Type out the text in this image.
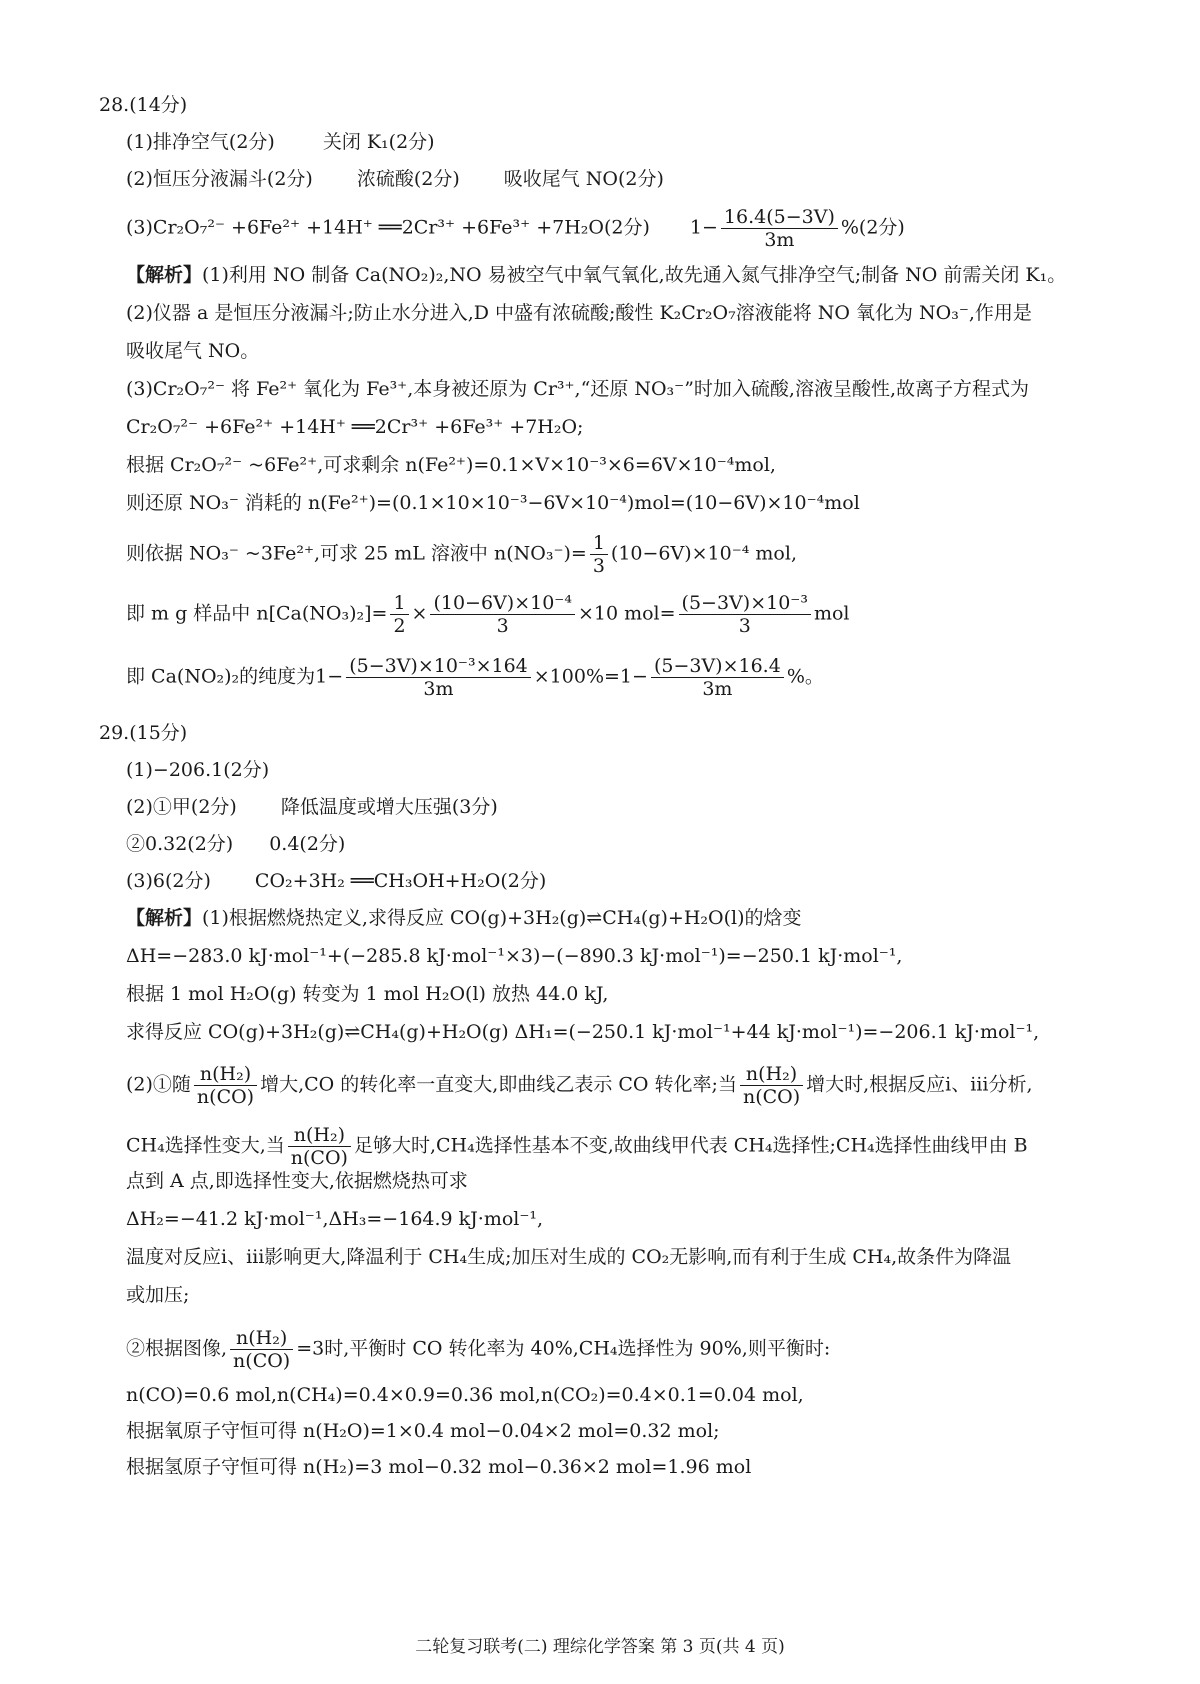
28.(14分)
(1)排净空气(2分)	关闭 K₁(2分)
(2)恒压分液漏斗(2分) 浓硫酸(2分) 吸收尾气 NO(2分)
(3)Cr₂O₇²⁻ +6Fe²⁺ +14H⁺ ══2Cr³⁺ +6Fe³⁺ +7H₂O(2分) $1- \frac{16.4(5-3V)}{3m} \%(2$分)
【解析】(1)利用 NO 制备 Ca(NO₂)₂,NO 易被空气中氧气氧化,故先通入氮气排净空气;制备 NO 前需关闭 K₁。
(2)仪器 a 是恒压分液漏斗;防止水分进入,D 中盛有浓硫酸;酸性 K₂Cr₂O₇溶液能将 NO 氧化为 NO₃⁻,作用是
吸收尾气 NO。
(3)Cr₂O₇²⁻ 将 Fe²⁺ 氧化为 Fe³⁺,本身被还原为 Cr³⁺,“还原 NO₃⁻”时加入硫酸,溶液呈酸性,故离子方程式为
Cr₂O₇²⁻ +6Fe²⁺ +14H⁺ ══2Cr³⁺ +6Fe³⁺ +7H₂O;
根据 Cr₂O₇²⁻ ~6Fe²⁺,可求剩余 n(Fe²⁺)=0.1×V×10⁻³×6=6V×10⁻⁴mol,
则还原 NO₃⁻ 消耗的 n(Fe²⁺)=(0.1×10×10⁻³−6V×10⁻⁴)mol=(10−6V)×10⁻⁴mol
则依据 NO₃⁻ ~3Fe²⁺,可求 25 mL 溶液中 $n(NO_3^-)= \frac{1}{3} (10-6V)\times 10^{-4}$ mol,
即 m g 样品中 $n[Ca(NO_3)_2]= \frac{1}{2} \times \frac{\text{(10−6V)×10⁻⁴}}{3} \times 10$ $mol= \frac{\text{(5−3V)×10⁻³}}{3}$ mol
即 Ca(NO₂)₂的纯度为$1- \frac{\text{(5−3V)×10⁻³×164}}{3m} \times 100\%=1- \frac{(5-3V)\times 16.4}{3m}$ %。
29.(15分)
(1)−206.1(2分)
(2)①甲(2分) 降低温度或增大压强(3分)
②0.32(2分) 0.4(2分)
(3)6(2分) CO₂+3H₂ ══CH₃OH+H₂O(2分)
【解析】(1)根据燃烧热定义,求得反应 CO(g)+3H₂(g)⇌CH₄(g)+H₂O(l)的焓变
ΔH=−283.0 kJ·mol⁻¹+(−285.8 kJ·mol⁻¹×3)−(−890.3 kJ·mol⁻¹)=−250.1 kJ·mol⁻¹,
根据 1 mol H₂O(g) 转变为 1 mol H₂O(l) 放热 44.0 kJ,
求得反应 CO(g)+3H₂(g)⇌CH₄(g)+H₂O(g) ΔH₁=(−250.1 kJ·mol⁻¹+44 kJ·mol⁻¹)=−206.1 kJ·mol⁻¹,
(2)①随 $\frac{\text{n(H₂)}}{n(CO)}$ 增大,CO 的转化率一直变大,即曲线乙表示 CO 转化率;当 $\frac{\text{n(H₂)}}{n(CO)}$ 增大时,根据反应ⅰ、ⅲ分析,
CH₄选择性变大,当 $\frac{\text{n(H₂)}}{n(CO)}$ 足够大时,CH₄选择性基本不变,故曲线甲代表 CH₄选择性;CH₄选择性曲线甲由 B
点到 A 点,即选择性变大,依据燃烧热可求
ΔH₂=−41.2 kJ·mol⁻¹,ΔH₃=−164.9 kJ·mol⁻¹,
温度对反应ⅰ、ⅲ影响更大,降温利于 CH₄生成;加压对生成的 CO₂无影响,而有利于生成 CH₄,故条件为降温
或加压;
②根据图像, $\frac{\text{n(H₂)}}{n(CO)} =3$时,平衡时 CO 转化率为 40%,CH₄选择性为 90%,则平衡时:
n(CO)=0.6 mol,n(CH₄)=0.4×0.9=0.36 mol,n(CO₂)=0.4×0.1=0.04 mol,
根据氧原子守恒可得 n(H₂O)=1×0.4 mol−0.04×2 mol=0.32 mol;
根据氢原子守恒可得 n(H₂)=3 mol−0.32 mol−0.36×2 mol=1.96 mol
二轮复习联考(二) 理综化学答案 第 3 页(共 4 页)
